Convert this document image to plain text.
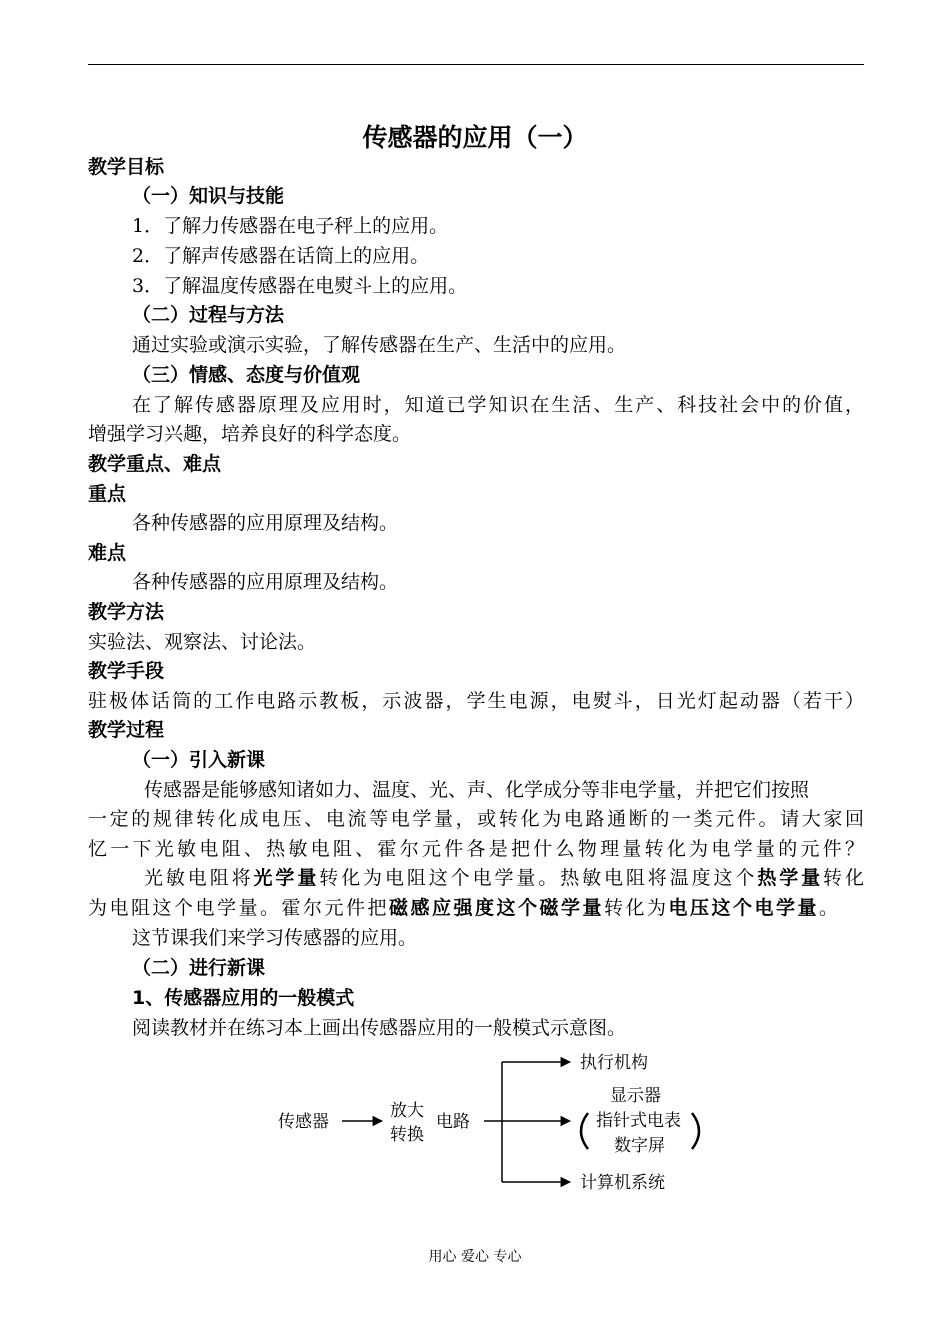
传感器的应用（一）
教学目标
（一）知识与技能
1．了解力传感器在电子秤上的应用。
2．了解声传感器在话筒上的应用。
3．了解温度传感器在电熨斗上的应用。
（二）过程与方法
通过实验或演示实验，了解传感器在生产、生活中的应用。
（三）情感、态度与价值观
在了解传感器原理及应用时，知道已学知识在生活、生产、科技社会中的价值，
增强学习兴趣，培养良好的科学态度。
教学重点、难点
重点
各种传感器的应用原理及结构。
难点
各种传感器的应用原理及结构。
教学方法
实验法、观察法、讨论法。
教学手段
驻极体话筒的工作电路示教板，示波器，学生电源，电熨斗，日光灯起动器（若干）
教学过程
（一）引入新课
传感器是能够感知诸如力、温度、光、声、化学成分等非电学量，并把它们按照
一定的规律转化成电压、电流等电学量，或转化为电路通断的一类元件。请大家回
忆一下光敏电阻、热敏电阻、霍尔元件各是把什么物理量转化为电学量的元件？
光敏电阻将光学量转化为电阻这个电学量。热敏电阻将温度这个热学量转化
为电阻这个电学量。霍尔元件把磁感应强度这个磁学量转化为电压这个电学量。
这节课我们来学习传感器的应用。
（二）进行新课
1、传感器应用的一般模式
阅读教材并在练习本上画出传感器应用的一般模式示意图。
传感器
放大
转换
电路
执行机构
显示器
指针式电表
数字屏
计算机系统
用心 爱心 专心
